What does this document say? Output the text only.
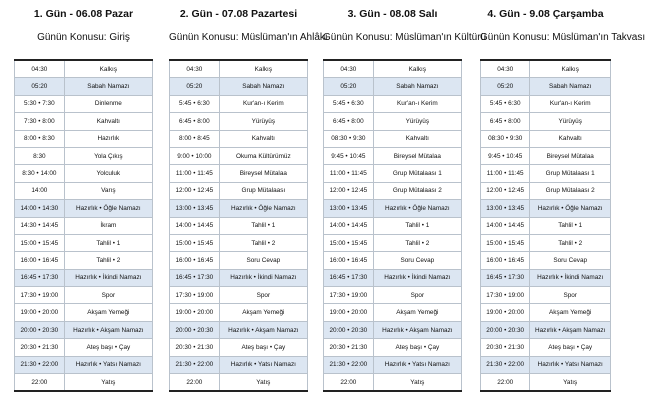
1. Gün - 06.08 Pazar
Günün Konusu: Giriş
04:30	Kalkış
05:20	Sabah Namazı
5:30 • 7:30	Dinlenme
7:30 • 8:00	Kahvaltı
8:00 • 8:30	Hazırlık
8:30	Yola Çıkış
8:30 • 14:00	Yolculuk
14:00	Varış
14:00 • 14:30	Hazırlık • Öğle Namazı
14:30 • 14:45	İkram
15:00 • 15:45	Tahlil • 1
16:00 • 16:45	Tahlil • 2
16:45 • 17:30	Hazırlık • İkindi Namazı
17:30 • 19:00	Spor
19:00 • 20:00	Akşam Yemeği
20:00 • 20:30	Hazırlık • Akşam Namazı
20:30 • 21:30	Ateş başı • Çay
21:30 • 22:00	Hazırlık • Yatsı Namazı
22:00	Yatış
2. Gün - 07.08 Pazartesi
Günün Konusu: Müslüman'ın Ahlâkı
04:30	Kalkış
05:20	Sabah Namazı
5:45 • 6:30	Kur'an-ı Kerim
6:45 • 8:00	Yürüyüş
8:00 • 8:45	Kahvaltı
9:00 • 10:00	Okuma Kültürümüz
11:00 • 11:45	Bireysel Mütalaa
12:00 • 12:45	Grup Mütalaası
13:00 • 13:45	Hazırlık • Öğle Namazı
14:00 • 14:45	Tahlil • 1
15:00 • 15:45	Tahlil • 2
16:00 • 16:45	Soru Cevap
16:45 • 17:30	Hazırlık • İkindi Namazı
17:30 • 19:00	Spor
19:00 • 20:00	Akşam Yemeği
20:00 • 20:30	Hazırlık • Akşam Namazı
20:30 • 21:30	Ateş başı • Çay
21:30 • 22:00	Hazırlık • Yatsı Namazı
22:00	Yatış
3. Gün - 08.08 Salı
Günün Konusu: Müslüman'ın Kültürü
04:30	Kalkış
05:20	Sabah Namazı
5:45 • 6:30	Kur'an-ı Kerim
6:45 • 8:00	Yürüyüş
08:30 • 9:30	Kahvaltı
9:45 • 10:45	Bireysel Mütalaa
11:00 • 11:45	Grup Mütalaası 1
12:00 • 12:45	Grup Mütalaası 2
13:00 • 13:45	Hazırlık • Öğle Namazı
14:00 • 14:45	Tahlil • 1
15:00 • 15:45	Tahlil • 2
16:00 • 16:45	Soru Cevap
16:45 • 17:30	Hazırlık • İkindi Namazı
17:30 • 19:00	Spor
19:00 • 20:00	Akşam Yemeği
20:00 • 20:30	Hazırlık • Akşam Namazı
20:30 • 21:30	Ateş başı • Çay
21:30 • 22:00	Hazırlık • Yatsı Namazı
22:00	Yatış
4. Gün - 9.08 Çarşamba
Günün Konusu: Müslüman'ın Takvası
04:30	Kalkış
05:20	Sabah Namazı
5:45 • 6:30	Kur'an-ı Kerim
6:45 • 8:00	Yürüyüş
08:30 • 9:30	Kahvaltı
9:45 • 10:45	Bireysel Mütalaa
11:00 • 11:45	Grup Mütalaası 1
12:00 • 12:45	Grup Mütalaası 2
13:00 • 13:45	Hazırlık • Öğle Namazı
14:00 • 14:45	Tahlil • 1
15:00 • 15:45	Tahlil • 2
16:00 • 16:45	Soru Cevap
16:45 • 17:30	Hazırlık • İkindi Namazı
17:30 • 19:00	Spor
19:00 • 20:00	Akşam Yemeği
20:00 • 20:30	Hazırlık • Akşam Namazı
20:30 • 21:30	Ateş başı • Çay
21:30 • 22:00	Hazırlık • Yatsı Namazı
22:00	Yatış
